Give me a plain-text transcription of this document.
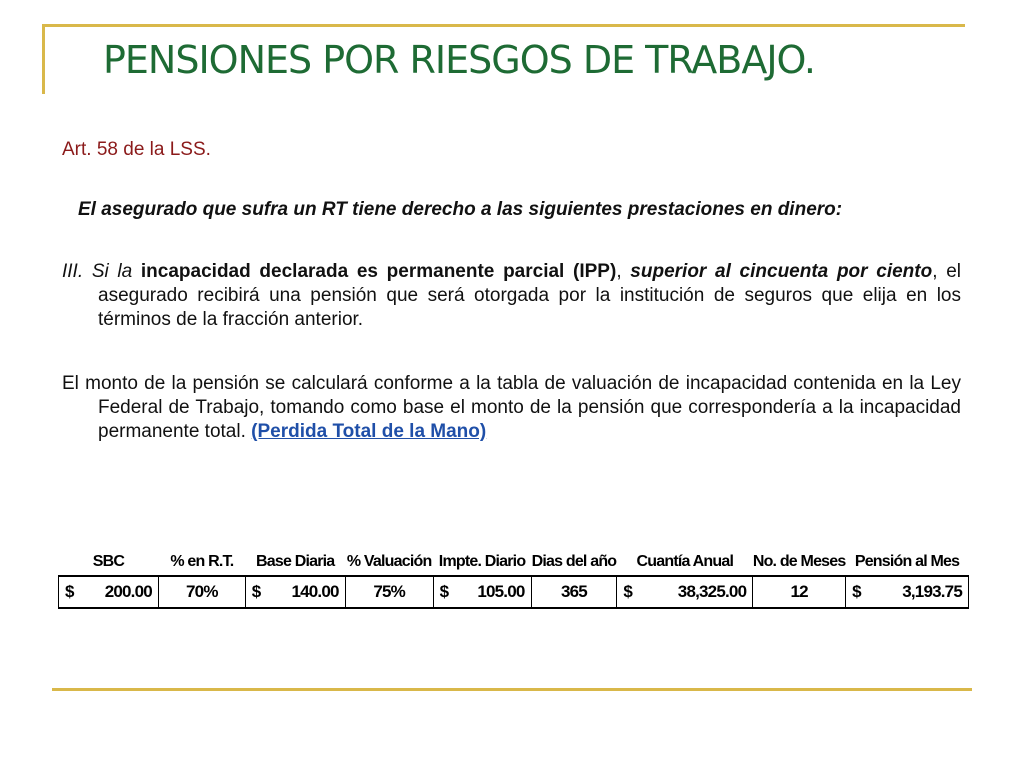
PENSIONES POR RIESGOS DE TRABAJO.

Art. 58 de la LSS.

El asegurado que sufra un RT tiene derecho a las siguientes prestaciones en dinero:

III. Si la incapacidad declarada es permanente parcial (IPP), superior al cincuenta por ciento, el asegurado recibirá una pensión que será otorgada por la institución de seguros que elija en los términos de la fracción anterior.

El monto de la pensión se calculará conforme a la tabla de valuación de incapacidad contenida en la Ley Federal de Trabajo, tomando como base el monto de la pensión que correspondería a la incapacidad permanente total. (Perdida Total de la Mano)

SBC	% en R.T.	Base Diaria	% Valuación	Impte. Diario	Dias del año	Cuantía Anual	No. de Meses	Pensión al Mes

$ 200.00	70%	$ 140.00	75%	$ 105.00	365	$ 38,325.00	12	$ 3,193.75
